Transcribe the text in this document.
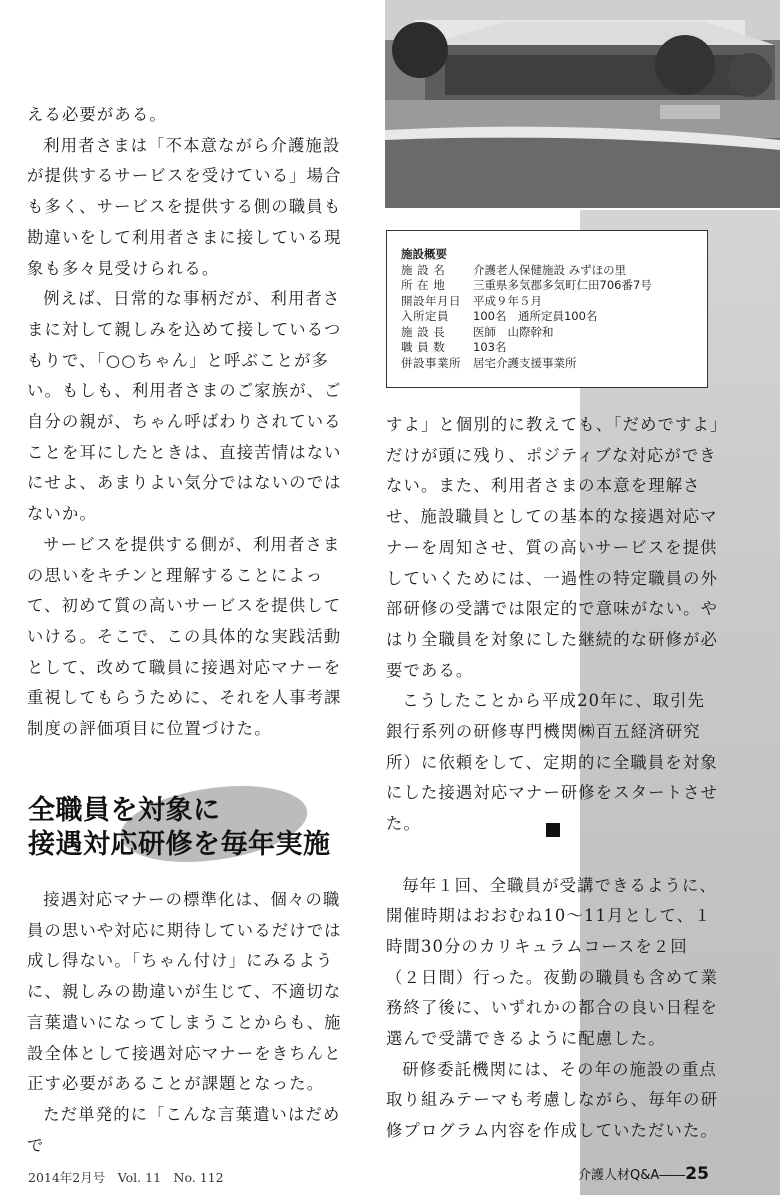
施設概要
施 設 名	介護老人保健施設 みずほの里
所 在 地	三重県多気郡多気町仁田706番7号
開設年月日	平成９年５月
入所定員	100名　通所定員100名
施 設 長	医師　山際幹和
職 員 数	103名
併設事業所	居宅介護支援事業所

える必要がある。

利用者さまは「不本意ながら介護施設が提供するサービスを受けている」場合も多く、サービスを提供する側の職員も勘違いをして利用者さまに接している現象も多々見受けられる。

例えば、日常的な事柄だが、利用者さまに対して親しみを込めて接しているつもりで、「○○ちゃん」と呼ぶことが多い。もしも、利用者さまのご家族が、ご自分の親が、ちゃん呼ばわりされていることを耳にしたときは、直接苦情はないにせよ、あまりよい気分ではないのではないか。

サービスを提供する側が、利用者さまの思いをキチンと理解することによって、初めて質の高いサービスを提供していける。そこで、この具体的な実践活動として、改めて職員に接遇対応マナーを重視してもらうために、それを人事考課制度の評価項目に位置づけた。

全職員を対象に
接遇対応研修を毎年実施

接遇対応マナーの標準化は、個々の職員の思いや対応に期待しているだけでは成し得ない。「ちゃん付け」にみるように、親しみの勘違いが生じて、不適切な言葉遣いになってしまうことからも、施設全体として接遇対応マナーをきちんと正す必要があることが課題となった。

ただ単発的に「こんな言葉遣いはだめで

すよ」と個別的に教えても、「だめですよ」だけが頭に残り、ポジティブな対応ができない。また、利用者さまの本意を理解させ、施設職員としての基本的な接遇対応マナーを周知させ、質の高いサービスを提供していくためには、一過性の特定職員の外部研修の受講では限定的で意味がない。やはり全職員を対象にした継続的な研修が必要である。

こうしたことから平成20年に、取引先銀行系列の研修専門機関㈱百五経済研究所）に依頼をして、定期的に全職員を対象にした接遇対応マナー研修をスタートさせた。

毎年１回、全職員が受講できるように、開催時期はおおむね10～11月として、１時間30分のカリキュラムコースを２回（２日間）行った。夜勤の職員も含めて業務終了後に、いずれかの都合の良い日程を選んで受講できるように配慮した。

研修委託機関には、その年の施設の重点取り組みテーマも考慮しながら、毎年の研修プログラム内容を作成していただいた。

2014年2月号　Vol. 11　No. 112	介護人材Q&A――25
